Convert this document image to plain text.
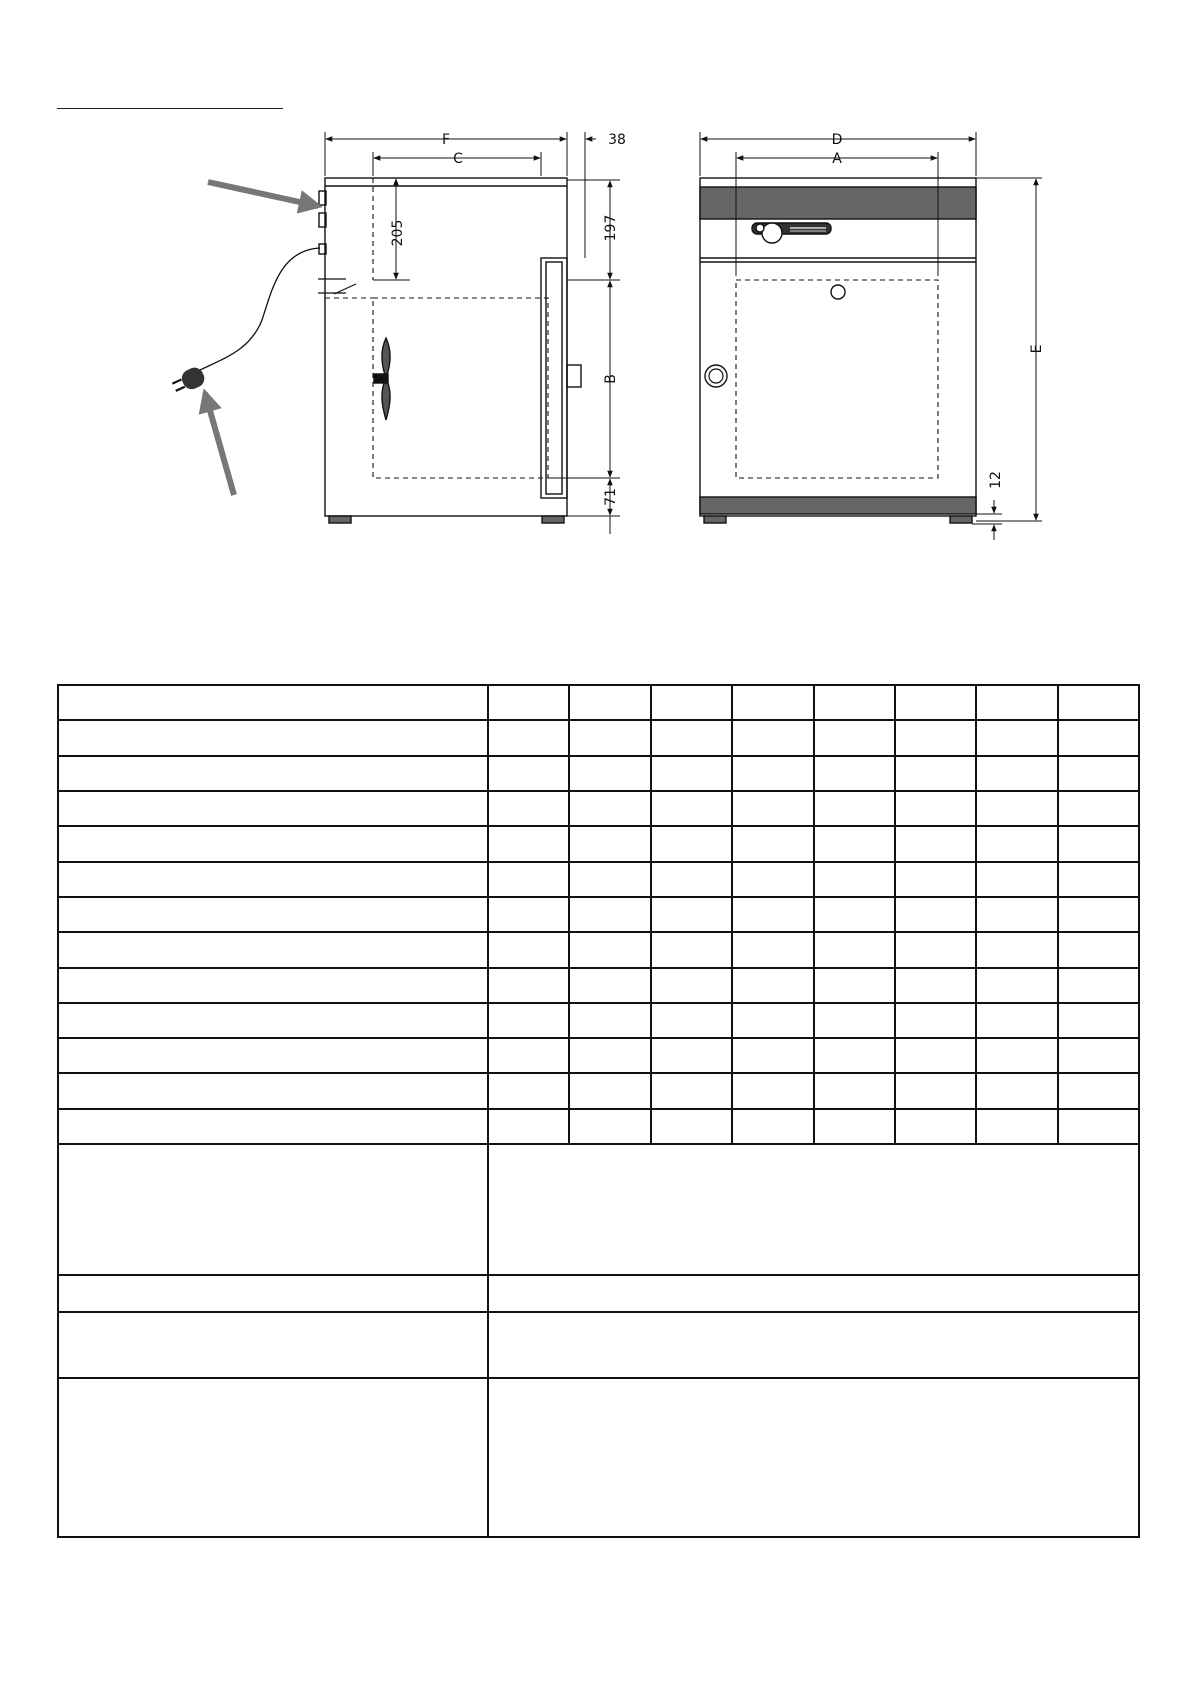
F
C
38
205	197
B
71
D
A
E
12
